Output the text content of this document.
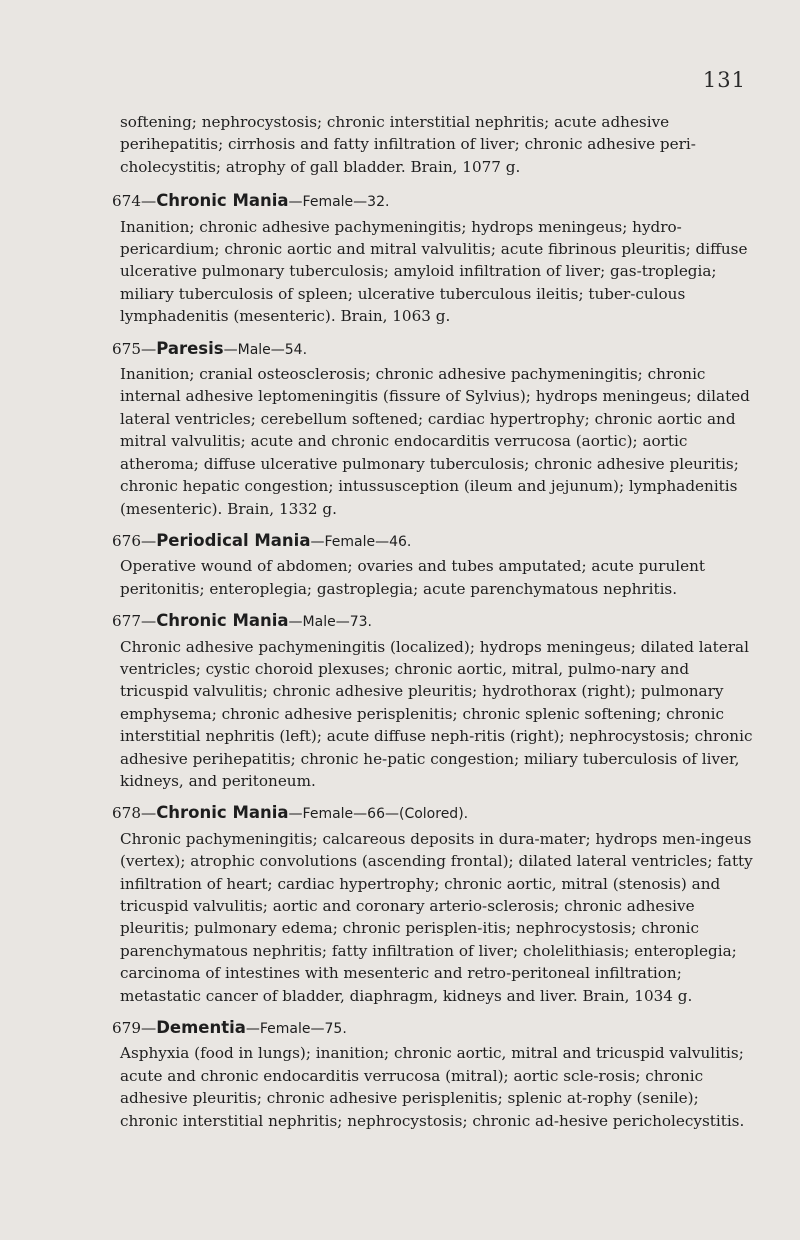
131

softening; nephrocystosis; chronic interstitial nephritis; acute adhesive perihepatitis; cirrhosis and fatty infiltration of liver; chronic adhesive peri-cholecystitis; atrophy of gall bladder. Brain, 1077 g.

674—Chronic Mania—Female—32.

Inanition; chronic adhesive pachymeningitis; hydrops meningeus; hydro-pericardium; chronic aortic and mitral valvulitis; acute fibrinous pleuritis; diffuse ulcerative pulmonary tuberculosis; amyloid infiltration of liver; gas-troplegia; miliary tuberculosis of spleen; ulcerative tuberculous ileitis; tuber-culous lymphadenitis (mesenteric). Brain, 1063 g.

675—Paresis—Male—54.

Inanition; cranial osteosclerosis; chronic adhesive pachymeningitis; chronic internal adhesive leptomeningitis (fissure of Sylvius); hydrops meningeus; dilated lateral ventricles; cerebellum softened; cardiac hypertrophy; chronic aortic and mitral valvulitis; acute and chronic endocarditis verrucosa (aortic); aortic atheroma; diffuse ulcerative pulmonary tuberculosis; chronic adhesive pleuritis; chronic hepatic congestion; intussusception (ileum and jejunum); lymphadenitis (mesenteric). Brain, 1332 g.

676—Periodical Mania—Female—46.

Operative wound of abdomen; ovaries and tubes amputated; acute purulent peritonitis; enteroplegia; gastroplegia; acute parenchymatous nephritis.

677—Chronic Mania—Male—73.

Chronic adhesive pachymeningitis (localized); hydrops meningeus; dilated lateral ventricles; cystic choroid plexuses; chronic aortic, mitral, pulmo-nary and tricuspid valvulitis; chronic adhesive pleuritis; hydrothorax (right); pulmonary emphysema; chronic adhesive perisplenitis; chronic splenic softening; chronic interstitial nephritis (left); acute diffuse neph-ritis (right); nephrocystosis; chronic adhesive perihepatitis; chronic he-patic congestion; miliary tuberculosis of liver, kidneys, and peritoneum.

678—Chronic Mania—Female—66—(Colored).

Chronic pachymeningitis; calcareous deposits in dura-mater; hydrops men-ingeus (vertex); atrophic convolutions (ascending frontal); dilated lateral ventricles; fatty infiltration of heart; cardiac hypertrophy; chronic aortic, mitral (stenosis) and tricuspid valvulitis; aortic and coronary arterio-sclerosis; chronic adhesive pleuritis; pulmonary edema; chronic perisplen-itis; nephrocystosis; chronic parenchymatous nephritis; fatty infiltration of liver; cholelithiasis; enteroplegia; carcinoma of intestines with mesenteric and retro-peritoneal infiltration; metastatic cancer of bladder, diaphragm, kidneys and liver. Brain, 1034 g.

679—Dementia—Female—75.

Asphyxia (food in lungs); inanition; chronic aortic, mitral and tricuspid valvulitis; acute and chronic endocarditis verrucosa (mitral); aortic scle-rosis; chronic adhesive pleuritis; chronic adhesive perisplenitis; splenic at-rophy (senile); chronic interstitial nephritis; nephrocystosis; chronic ad-hesive pericholecystitis.
